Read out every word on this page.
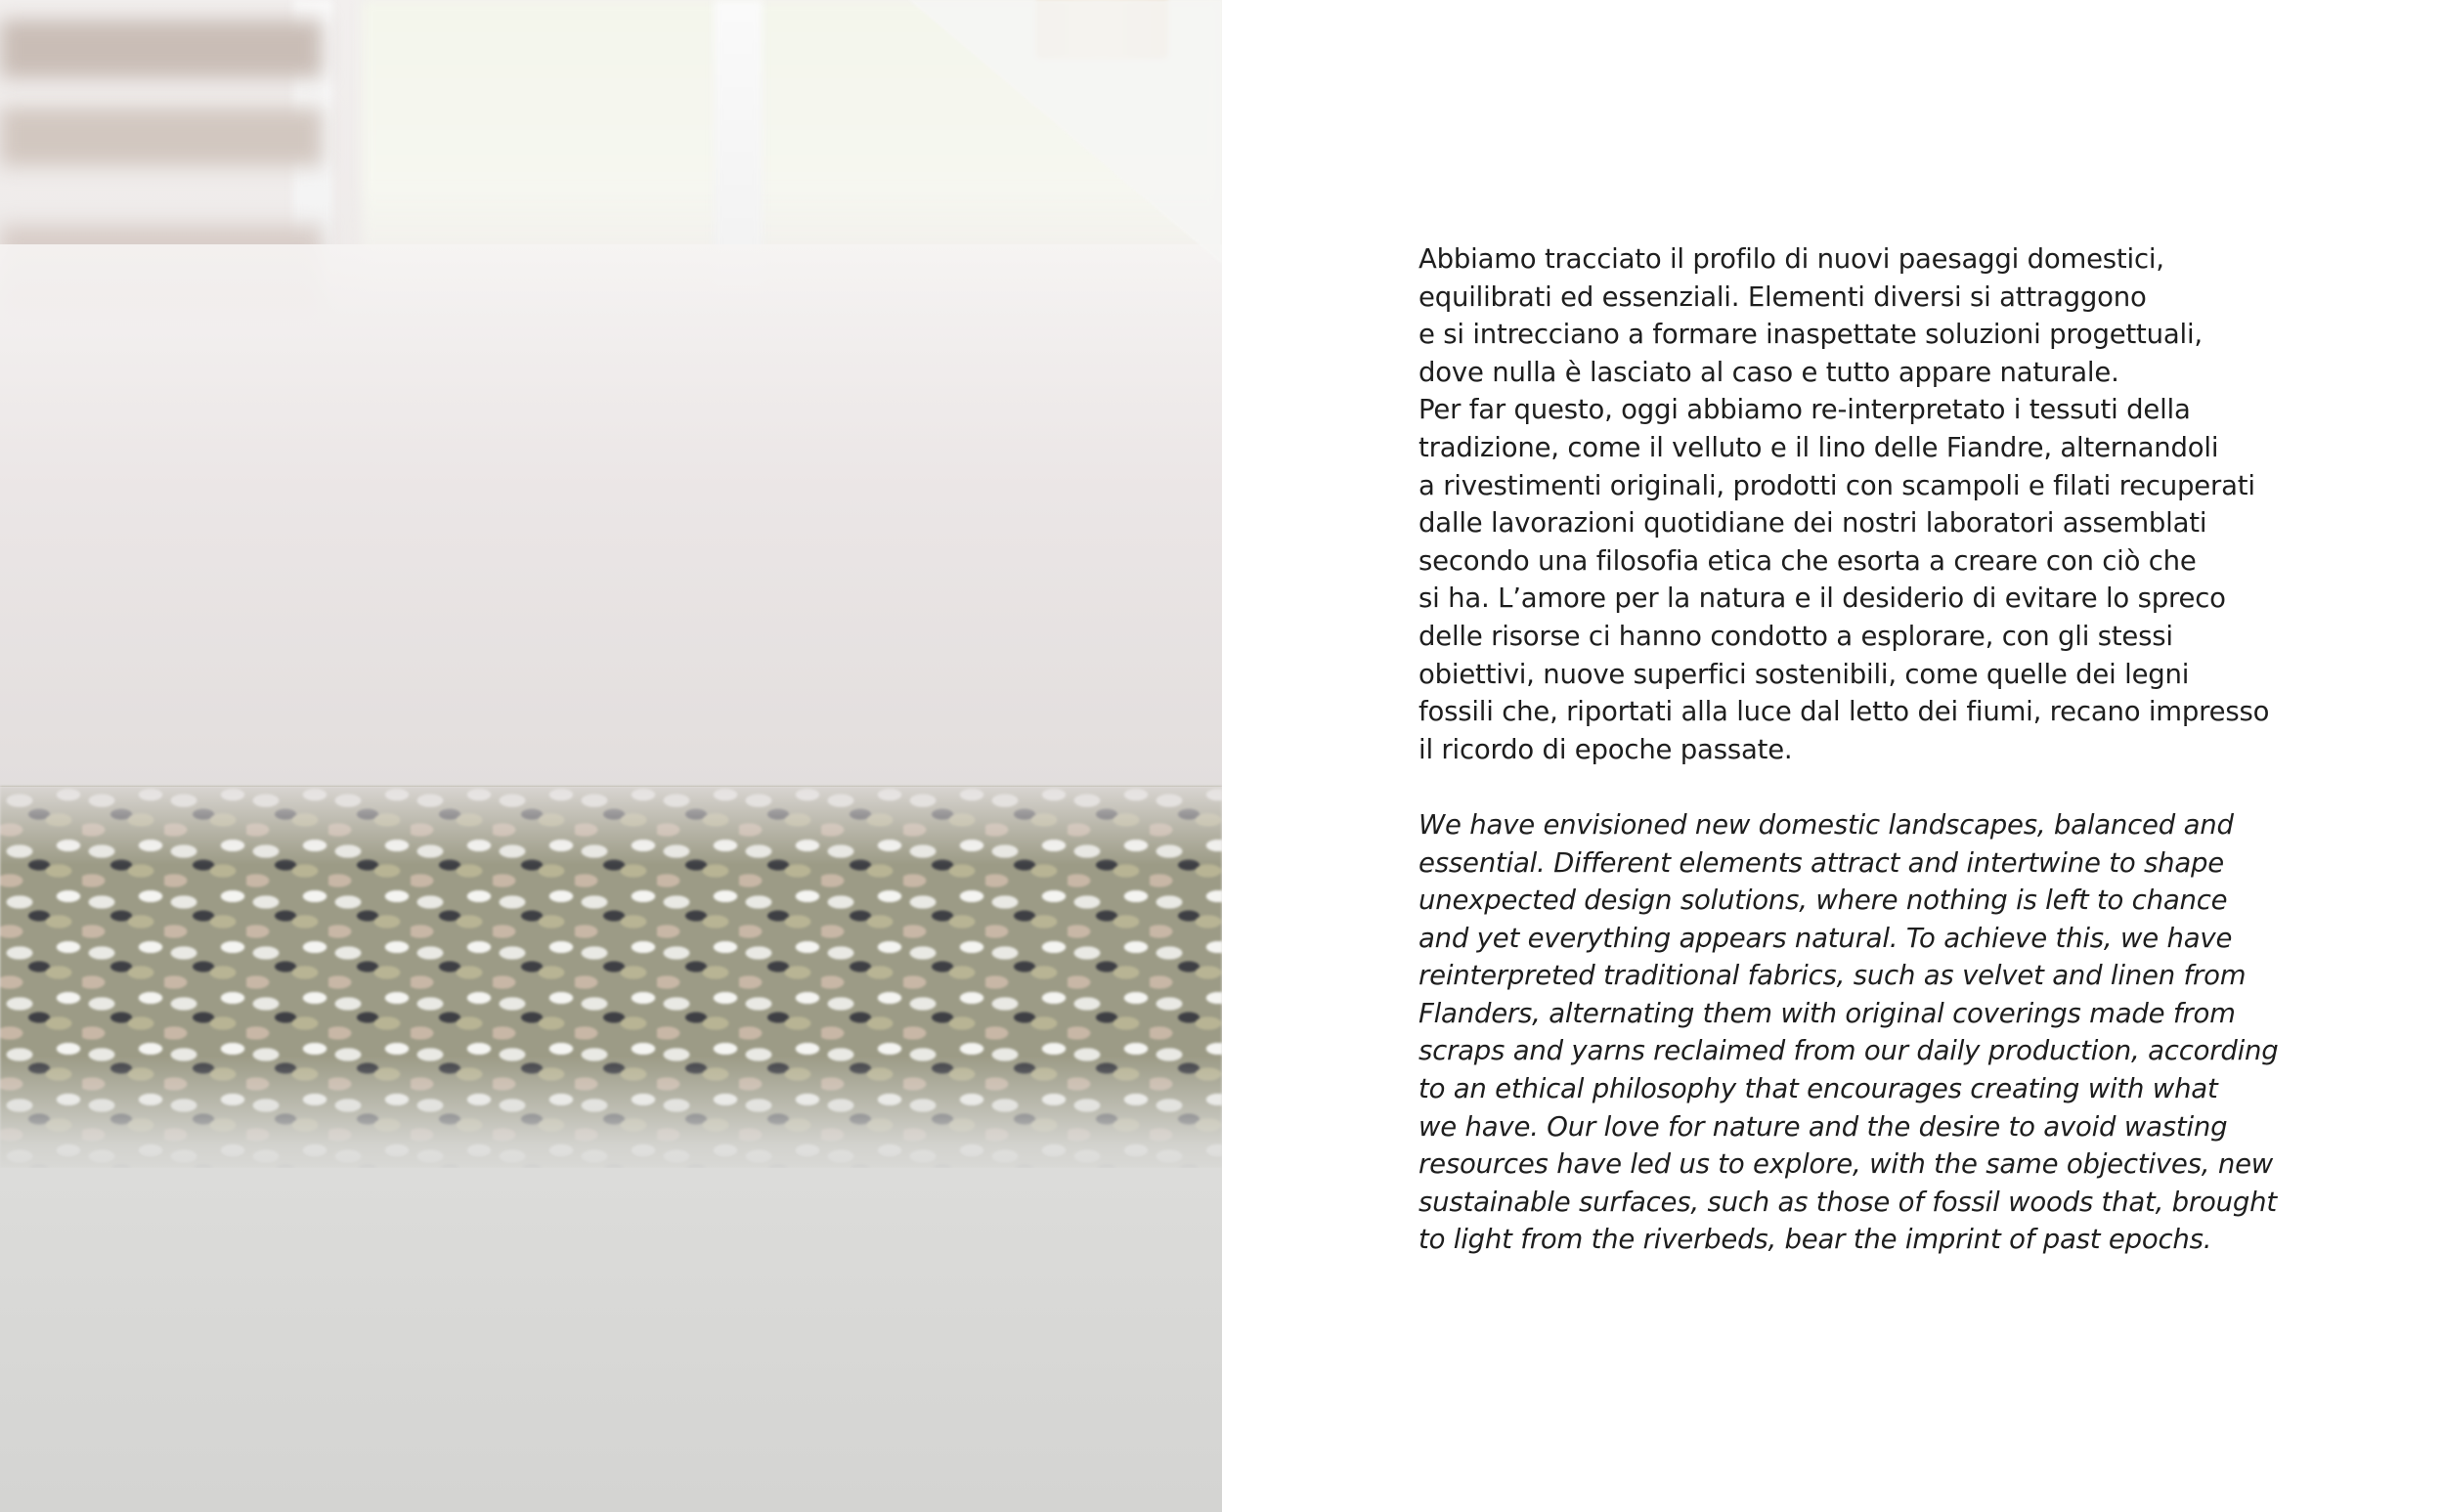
Abbiamo tracciato il profilo di nuovi paesaggi domestici,
equilibrati ed essenziali. Elementi diversi si attraggono
e si intrecciano a formare inaspettate soluzioni progettuali,
dove nulla è lasciato al caso e tutto appare naturale.
Per far questo, oggi abbiamo re-interpretato i tessuti della
tradizione, come il velluto e il lino delle Fiandre, alternandoli
a rivestimenti originali, prodotti con scampoli e filati recuperati
dalle lavorazioni quotidiane dei nostri laboratori assemblati
secondo una filosofia etica che esorta a creare con ciò che
si ha. L’amore per la natura e il desiderio di evitare lo spreco
delle risorse ci hanno condotto a esplorare, con gli stessi
obiettivi, nuove superfici sostenibili, come quelle dei legni
fossili che, riportati alla luce dal letto dei fiumi, recano impresso
il ricordo di epoche passate.
We have envisioned new domestic landscapes, balanced and
essential. Different elements attract and intertwine to shape
unexpected design solutions, where nothing is left to chance
and yet everything appears natural. To achieve this, we have
reinterpreted traditional fabrics, such as velvet and linen from
Flanders, alternating them with original coverings made from
scraps and yarns reclaimed from our daily production, according
to an ethical philosophy that encourages creating with what
we have. Our love for nature and the desire to avoid wasting
resources have led us to explore, with the same objectives, new
sustainable surfaces, such as those of fossil woods that, brought
to light from the riverbeds, bear the imprint of past epochs.
